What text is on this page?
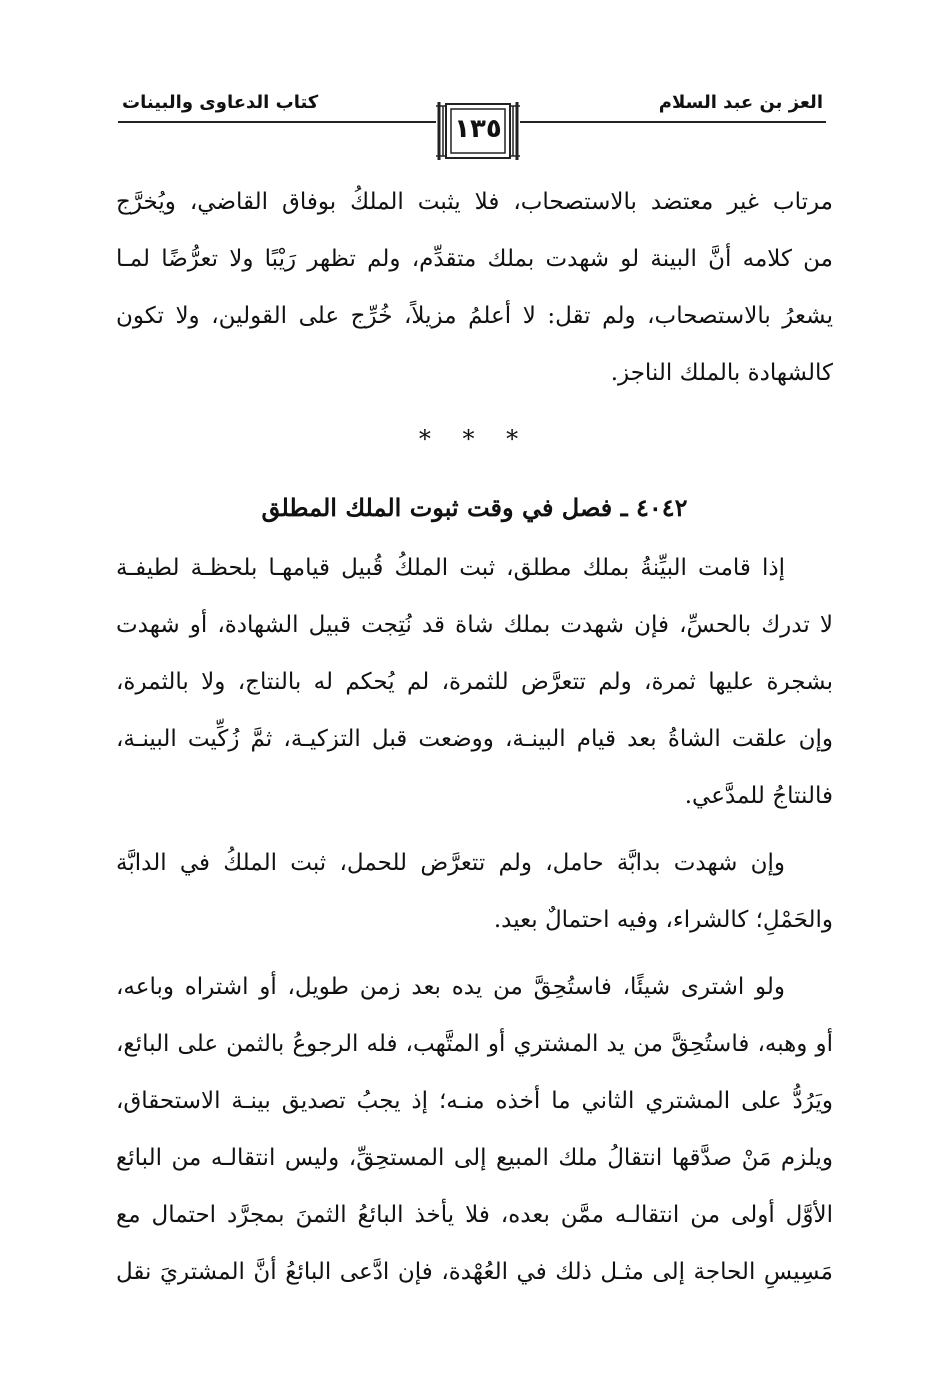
العز بن عبد السلام
كتاب الدعاوى والبينات
١٣٥
مرتاب غير معتضد بالاستصحاب، فلا يثبت الملكُ بوفاق القاضي، ويُخرَّج
من كلامه أنَّ البينة لو شهدت بملك متقدِّم، ولم تظهر رَيْبًا ولا تعرُّضًا لمـا
يشعرُ بالاستصحاب، ولم تقل: لا أعلمُ مزيلاً، خُرِّج على القولين، ولا تكون
كالشهادة بالملك الناجز.
* * *
٤٠٤٢ ـ فصل في وقت ثبوت الملك المطلق
إذا قامت البيِّنةُ بملك مطلق، ثبت الملكُ قُبيل قيامهـا بلحظـة لطيفـة
لا تدرك بالحسِّ، فإن شهدت بملك شاة قد نُتِجت قبيل الشهادة، أو شهدت
بشجرة عليها ثمرة، ولم تتعرَّض للثمرة، لم يُحكم له بالنتاج، ولا بالثمرة،
وإن علقت الشاةُ بعد قيام البينـة، ووضعت قبل التزكيـة، ثمَّ زُكِّيت البينـة،
فالنتاجُ للمدَّعي.
وإن شهدت بدابَّة حامل، ولم تتعرَّض للحمل، ثبت الملكُ في الدابَّة
والحَمْلِ؛ كالشراء، وفيه احتمالٌ بعيد.
ولو اشترى شيئًا، فاستُحِقَّ من يده بعد زمن طويل، أو اشتراه وباعه،
أو وهبه، فاستُحِقَّ من يد المشتري أو المتَّهب، فله الرجوعُ بالثمن على البائع،
ويَرُدُّ على المشتري الثاني ما أخذه منـه؛ إذ يجبُ تصديق بينـة الاستحقاق،
ويلزم مَنْ صدَّقها انتقالُ ملك المبيع إلى المستحِقِّ، وليس انتقالـه من البائع
الأوَّل أولى من انتقالـه ممَّن بعده، فلا يأخذ البائعُ الثمنَ بمجرَّد احتمال مع
مَسِيسِ الحاجة إلى مثـل ذلك في العُهْدة، فإن ادَّعى البائعُ أنَّ المشتريَ نقل
